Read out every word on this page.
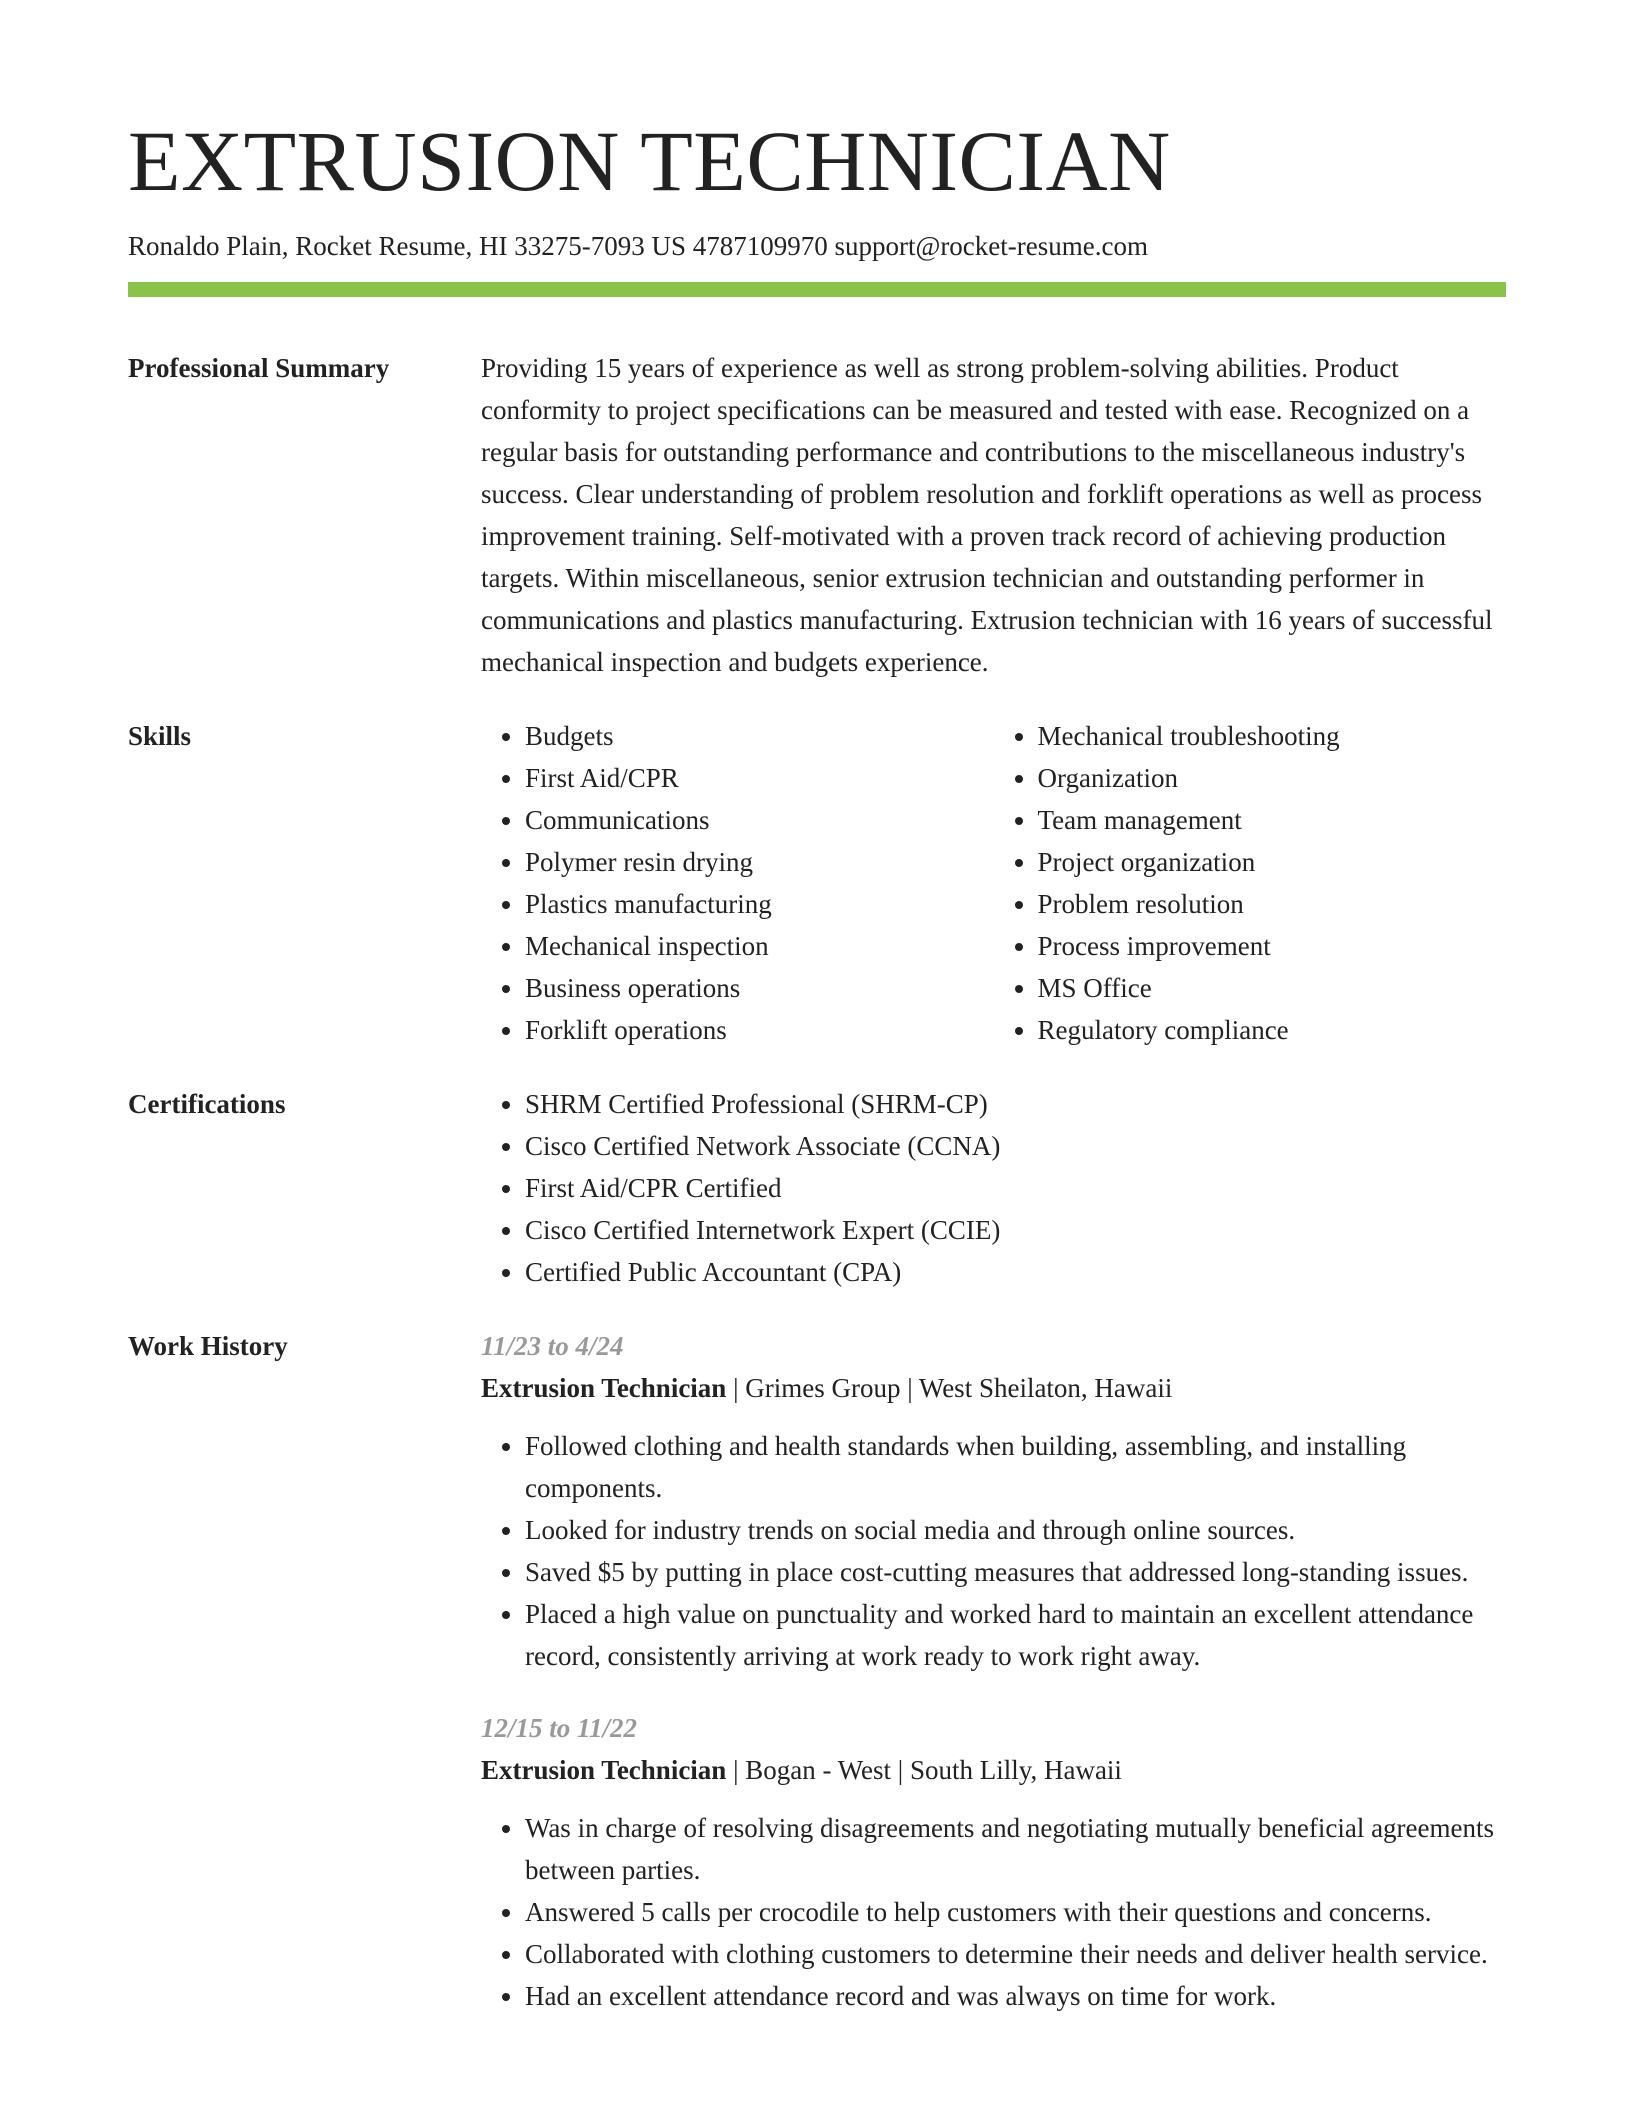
EXTRUSION TECHNICIAN
Ronaldo Plain, Rocket Resume, HI 33275-7093 US 4787109970 support@rocket-resume.com
Professional Summary	Providing 15 years of experience as well as strong problem-solving abilities. Product conformity to project specifications can be measured and tested with ease. Recognized on a regular basis for outstanding performance and contributions to the miscellaneous industry's success. Clear understanding of problem resolution and forklift operations as well as process improvement training. Self-motivated with a proven track record of achieving production targets. Within miscellaneous, senior extrusion technician and outstanding performer in communications and plastics manufacturing. Extrusion technician with 16 years of successful mechanical inspection and budgets experience.
Skills	• Budgets
• First Aid/CPR
• Communications
• Polymer resin drying
• Plastics manufacturing
• Mechanical inspection
• Business operations
• Forklift operations
• Mechanical troubleshooting
• Organization
• Team management
• Project organization
• Problem resolution
• Process improvement
• MS Office
• Regulatory compliance
Certifications	• SHRM Certified Professional (SHRM-CP)
• Cisco Certified Network Associate (CCNA)
• First Aid/CPR Certified
• Cisco Certified Internetwork Expert (CCIE)
• Certified Public Accountant (CPA)
Work History	11/23 to 4/24
Extrusion Technician | Grimes Group | West Sheilaton, Hawaii
• Followed clothing and health standards when building, assembling, and installing components.
• Looked for industry trends on social media and through online sources.
• Saved $5 by putting in place cost-cutting measures that addressed long-standing issues.
• Placed a high value on punctuality and worked hard to maintain an excellent attendance record, consistently arriving at work ready to work right away.
12/15 to 11/22
Extrusion Technician | Bogan - West | South Lilly, Hawaii
• Was in charge of resolving disagreements and negotiating mutually beneficial agreements between parties.
• Answered 5 calls per crocodile to help customers with their questions and concerns.
• Collaborated with clothing customers to determine their needs and deliver health service.
• Had an excellent attendance record and was always on time for work.
